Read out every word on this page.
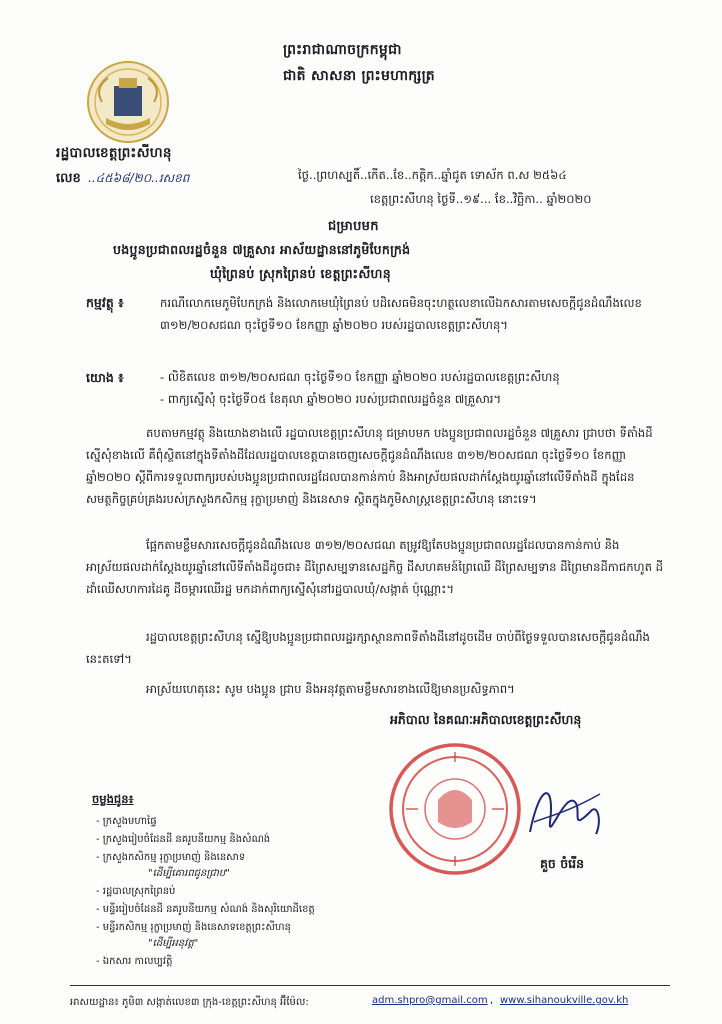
ព្រះរាជាណាចក្រកម្ពុជា
ជាតិ សាសនា ព្រះមហាក្សត្រ
រដ្ឋបាលខេត្តព្រះសីហនុ
លេខ ..៤៥៦៨/២០..រសខព	ថ្ងៃ..ព្រហស្បតិ៍..កើត..ខែ..កត្តិក..ឆ្នាំជូត ទោស័ក ព.ស ២៥៦៤
ខេត្តព្រះសីហនុ ថ្ងៃទី..១៩... ខែ..វិច្ឆិកា.. ឆ្នាំ២០២០
ជម្រាបមក
បងប្អូនប្រជាពលរដ្ឋចំនួន ៧គ្រួសារ អាស័យដ្ឋាននៅភូមិបែកក្រង់
ឃុំព្រៃនប់ ស្រុកព្រៃនប់ ខេត្តព្រះសីហនុ
កម្មវត្ថុ ៖	ករណីលោកមេភូមិបែកក្រង់ និងលោកមេឃុំព្រៃនប់ បដិសេធមិនចុះហត្ថលេខាលើឯកសារតាមសេចក្តីជូនដំណឹងលេខ ៣១២/២០សជណ ចុះថ្ងៃទី១០ ខែកញ្ញា ឆ្នាំ២០២០ របស់រដ្ឋបាលខេត្តព្រះសីហនុ។
យោង ៖	- លិខិតលេខ ៣១២/២០សជណ ចុះថ្ងៃទី១០ ខែកញ្ញា ឆ្នាំ២០២០ របស់រដ្ឋបាលខេត្តព្រះសីហនុ
- ពាក្យស្នើសុំ ចុះថ្ងៃទី០៥ ខែតុលា ឆ្នាំ២០២០ របស់ប្រជាពលរដ្ឋចំនួន ៧គ្រួសារ។
តបតាមកម្មវត្ថុ និងយោងខាងលើ រដ្ឋបាលខេត្តព្រះសីហនុ ជម្រាបមក បងប្អូនប្រជាពលរដ្ឋចំនួន ៧គ្រួសារ ជ្រាបថា ទីតាំងដីស្នើសុំខាងលើ គឺពុំស្ថិតនៅក្នុងទីតាំងដីដែលរដ្ឋបាលខេត្តបានចេញសេចក្តីជូនដំណឹងលេខ ៣១២/២០សជណ ចុះថ្ងៃទី១០ ខែកញ្ញា ឆ្នាំ២០២០ ស្តីពីការទទួលពាក្យរបស់បងប្អូនប្រជាពលរដ្ឋដែលបានកាន់កាប់ និងអាស្រ័យផលដាក់ស្តែងយូរឆ្នាំនៅលើទីតាំងដី ក្នុងដែនសមត្ថកិច្ចគ្រប់គ្រងរបស់ក្រសួងកសិកម្ម រុក្ខាប្រមាញ់ និងនេសាទ ស្ថិតក្នុងភូមិសាស្ត្រខេត្តព្រះសីហនុ នោះទេ។
ផ្អែកតាមខ្លឹមសារសេចក្តីជូនដំណឹងលេខ ៣១២/២០សជណ តម្រូវឱ្យតែបងប្អូនប្រជាពលរដ្ឋដែលបានកាន់កាប់ និងអាស្រ័យផលដាក់ស្តែងយូរឆ្នាំនៅលើទីតាំងដីដូចជា៖ ដីព្រៃសម្បទានសេដ្ឋកិច្ច ដីសហគមន៍ព្រៃឈើ ដីព្រៃសម្បទាន ដីព្រៃមានដីកាជកហូត ដីដាំឈើសហការដៃគូ ដីចម្ការឈើរដ្ឋ មកដាក់ពាក្យស្នើសុំនៅរដ្ឋបាលឃុំ/សង្កាត់ ប៉ុណ្ណោះ។
រដ្ឋបាលខេត្តព្រះសីហនុ ស្នើឱ្យបងប្អូនប្រជាពលរដ្ឋរក្សាស្ថានភាពទីតាំងដីនៅដូចដើម ចាប់ពីថ្ងៃទទួលបានសេចក្តីជូនដំណឹងនេះតទៅ។
អាស្រ័យហេតុនេះ សូម បងប្អូន ជ្រាប និងអនុវត្តតាមខ្លឹមសារខាងលើឱ្យមានប្រសិទ្ធភាព។
អភិបាល នៃគណៈអភិបាលខេត្តព្រះសីហនុ
គួច ចំរើន
ចម្លងជូន៖
- ក្រសួងមហាផ្ទៃ
- ក្រសួងរៀបចំដែនដី នគរូបនីយកម្ម និងសំណង់
- ក្រសួងកសិកម្ម រុក្ខាប្រមាញ់ និងនេសាទ
"ដើម្បីគោរពជូនជ្រាប"
- រដ្ឋបាលស្រុកព្រៃនប់
- មន្ទីររៀបចំដែនដី នគរូបនីយកម្ម សំណង់ និងសុរិយោដីខេត្ត
- មន្ទីរកសិកម្ម រុក្ខាប្រមាញ់ និងនេសាទខេត្តព្រះសីហនុ
"ដើម្បីអនុវត្ត"
- ឯកសារ កាលប្បវត្តិ
អាសយដ្ឋាន៖ ភូមិ៣ សង្កាត់លេខ៣ ក្រុង-ខេត្តព្រះសីហនុ អ៊ីម៉ែល:	adm.shpro@gmail.com , www.sihanoukville.gov.kh
